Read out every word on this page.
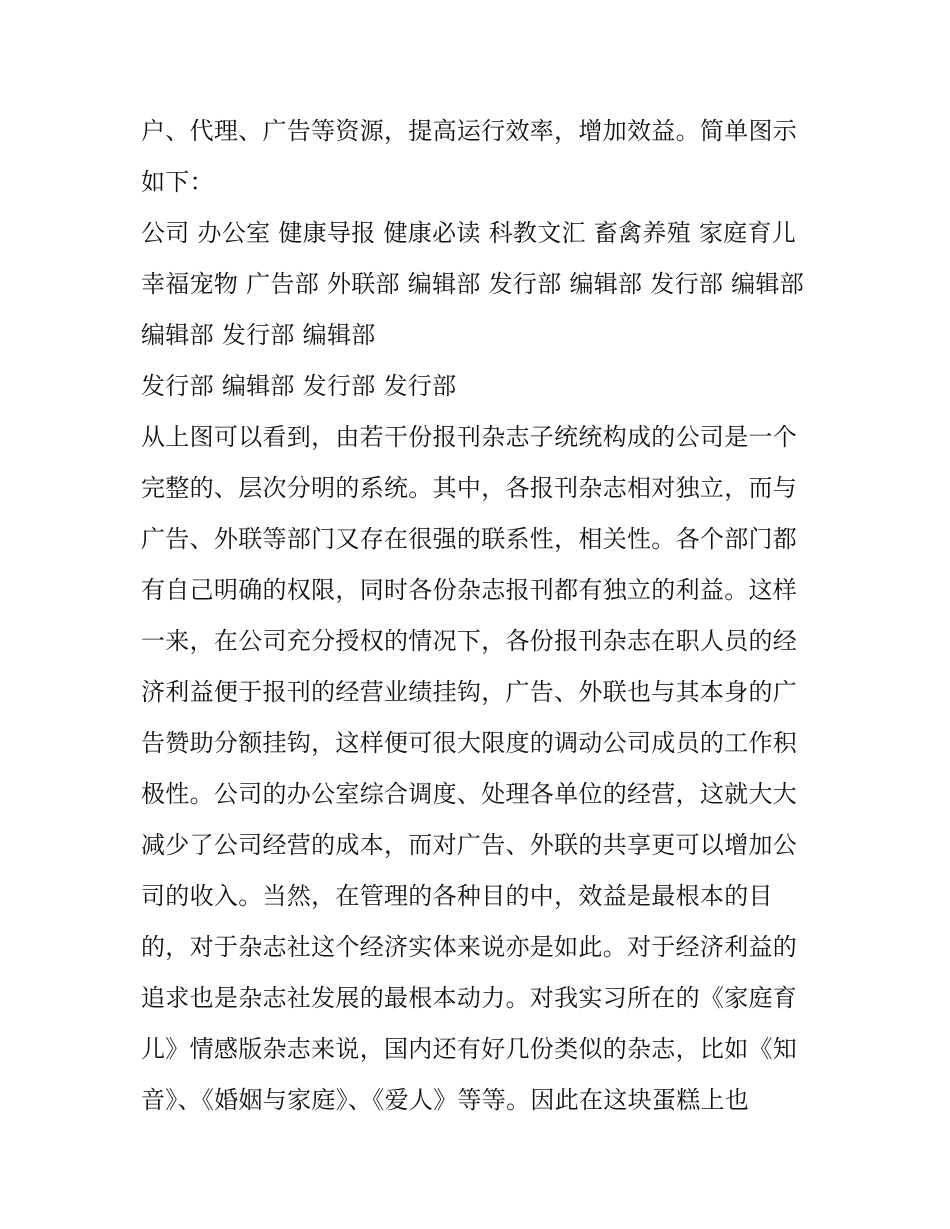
户、代理、广告等资源，提高运行效率，增加效益。简单图示
如下：
公司 办公室 健康导报 健康必读 科教文汇 畜禽养殖 家庭育儿
幸福宠物 广告部 外联部 编辑部 发行部 编辑部 发行部 编辑部
编辑部 发行部 编辑部
发行部 编辑部 发行部 发行部
从上图可以看到，由若干份报刊杂志子统统构成的公司是一个
完整的、层次分明的系统。其中，各报刊杂志相对独立，而与
广告、外联等部门又存在很强的联系性，相关性。各个部门都
有自己明确的权限，同时各份杂志报刊都有独立的利益。这样
一来，在公司充分授权的情况下，各份报刊杂志在职人员的经
济利益便于报刊的经营业绩挂钩，广告、外联也与其本身的广
告赞助分额挂钩，这样便可很大限度的调动公司成员的工作积
极性。公司的办公室综合调度、处理各单位的经营，这就大大
减少了公司经营的成本，而对广告、外联的共享更可以增加公
司的收入。当然，在管理的各种目的中，效益是最根本的目
的，对于杂志社这个经济实体来说亦是如此。对于经济利益的
追求也是杂志社发展的最根本动力。对我实习所在的《家庭育
儿》情感版杂志来说，国内还有好几份类似的杂志，比如《知
音》、《婚姻与家庭》、《爱人》等等。因此在这块蛋糕上也
